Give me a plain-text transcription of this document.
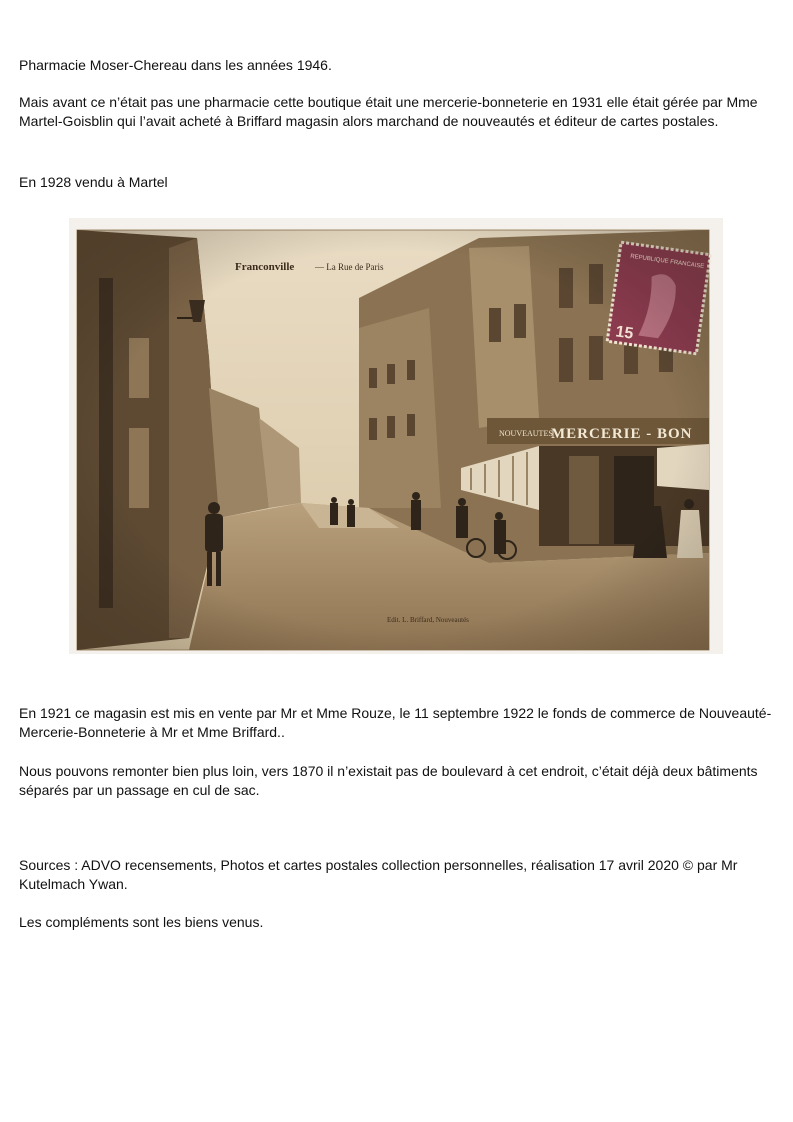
Pharmacie Moser-Chereau dans les années 1946.

Mais avant ce n’était pas une pharmacie cette boutique était une mercerie-bonneterie en 1931 elle était gérée par Mme Martel-Goisblin qui l’avait acheté à Briffard magasin alors marchand de nouveautés et éditeur de cartes postales.

En 1928 vendu à Martel

En 1921 ce magasin est mis en vente par Mr et Mme Rouze, le 11 septembre 1922 le fonds de commerce de Nouveauté-Mercerie-Bonneterie à Mr et Mme Briffard..

Nous pouvons remonter bien plus loin, vers 1870 il n’existait pas de boulevard à cet endroit, c’était déjà deux bâtiments séparés par un passage en cul de sac.

Sources : ADVO recensements, Photos et cartes postales collection personnelles, réalisation 17 avril 2020 © par Mr Kutelmach Ywan.

Les compléments sont les biens venus.
